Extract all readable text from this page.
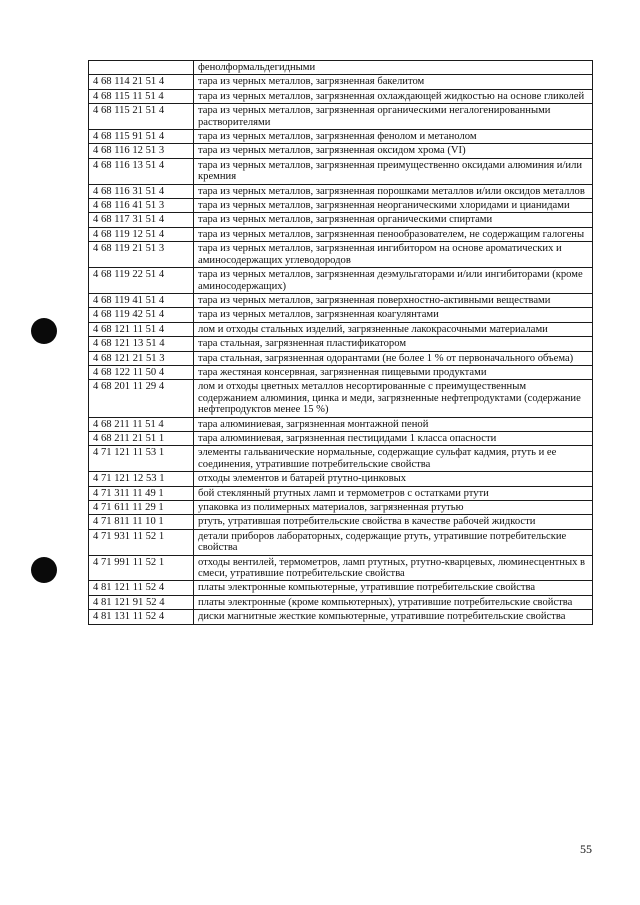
	фенолформальдегидными
4 68 114 21 51 4	тара из черных металлов, загрязненная бакелитом
4 68 115 11 51 4	тара из черных металлов, загрязненная охлаждающей жидкостью на основе гликолей
4 68 115 21 51 4	тара из черных металлов, загрязненная органическими негалогенированными растворителями
4 68 115 91 51 4	тара из черных металлов, загрязненная фенолом и метанолом
4 68 116 12 51 3	тара из черных металлов, загрязненная оксидом хрома (VI)
4 68 116 13 51 4	тара из черных металлов, загрязненная преимущественно оксидами алюминия и/или кремния
4 68 116 31 51 4	тара из черных металлов, загрязненная порошками металлов и/или оксидов металлов
4 68 116 41 51 3	тара из черных металлов, загрязненная неорганическими хлоридами и цианидами
4 68 117 31 51 4	тара из черных металлов, загрязненная органическими спиртами
4 68 119 12 51 4	тара из черных металлов, загрязненная пенообразователем, не содержащим галогены
4 68 119 21 51 3	тара из черных металлов, загрязненная ингибитором на основе ароматических и аминосодержащих углеводородов
4 68 119 22 51 4	тара из черных металлов, загрязненная деэмульгаторами и/или ингибиторами (кроме аминосодержащих)
4 68 119 41 51 4	тара из черных металлов, загрязненная поверхностно-активными веществами
4 68 119 42 51 4	тара из черных металлов, загрязненная коагулянтами
4 68 121 11 51 4	лом и отходы стальных изделий, загрязненные лакокрасочными материалами
4 68 121 13 51 4	тара стальная, загрязненная пластификатором
4 68 121 21 51 3	тара стальная, загрязненная одорантами (не более 1 % от первоначального объема)
4 68 122 11 50 4	тара жестяная консервная, загрязненная пищевыми продуктами
4 68 201 11 29 4	лом и отходы цветных металлов несортированные с преимущественным содержанием алюминия, цинка и меди, загрязненные нефтепродуктами (содержание нефтепродуктов менее 15 %)
4 68 211 11 51 4	тара алюминиевая, загрязненная монтажной пеной
4 68 211 21 51 1	тара алюминиевая, загрязненная пестицидами 1 класса опасности
4 71 121 11 53 1	элементы гальванические нормальные, содержащие сульфат кадмия, ртуть и ее соединения, утратившие потребительские свойства
4 71 121 12 53 1	отходы элементов и батарей ртутно-цинковых
4 71 311 11 49 1	бой стеклянный ртутных ламп и термометров с остатками ртути
4 71 611 11 29 1	упаковка из полимерных материалов, загрязненная ртутью
4 71 811 11 10 1	ртуть, утратившая потребительские свойства в качестве рабочей жидкости
4 71 931 11 52 1	детали приборов лабораторных, содержащие ртуть, утратившие потребительские свойства
4 71 991 11 52 1	отходы вентилей, термометров, ламп ртутных, ртутно-кварцевых, люминесцентных в смеси, утратившие потребительские свойства
4 81 121 11 52 4	платы электронные компьютерные, утратившие потребительские свойства
4 81 121 91 52 4	платы электронные (кроме компьютерных), утратившие потребительские свойства
4 81 131 11 52 4	диски магнитные жесткие компьютерные, утратившие потребительские свойства
55
